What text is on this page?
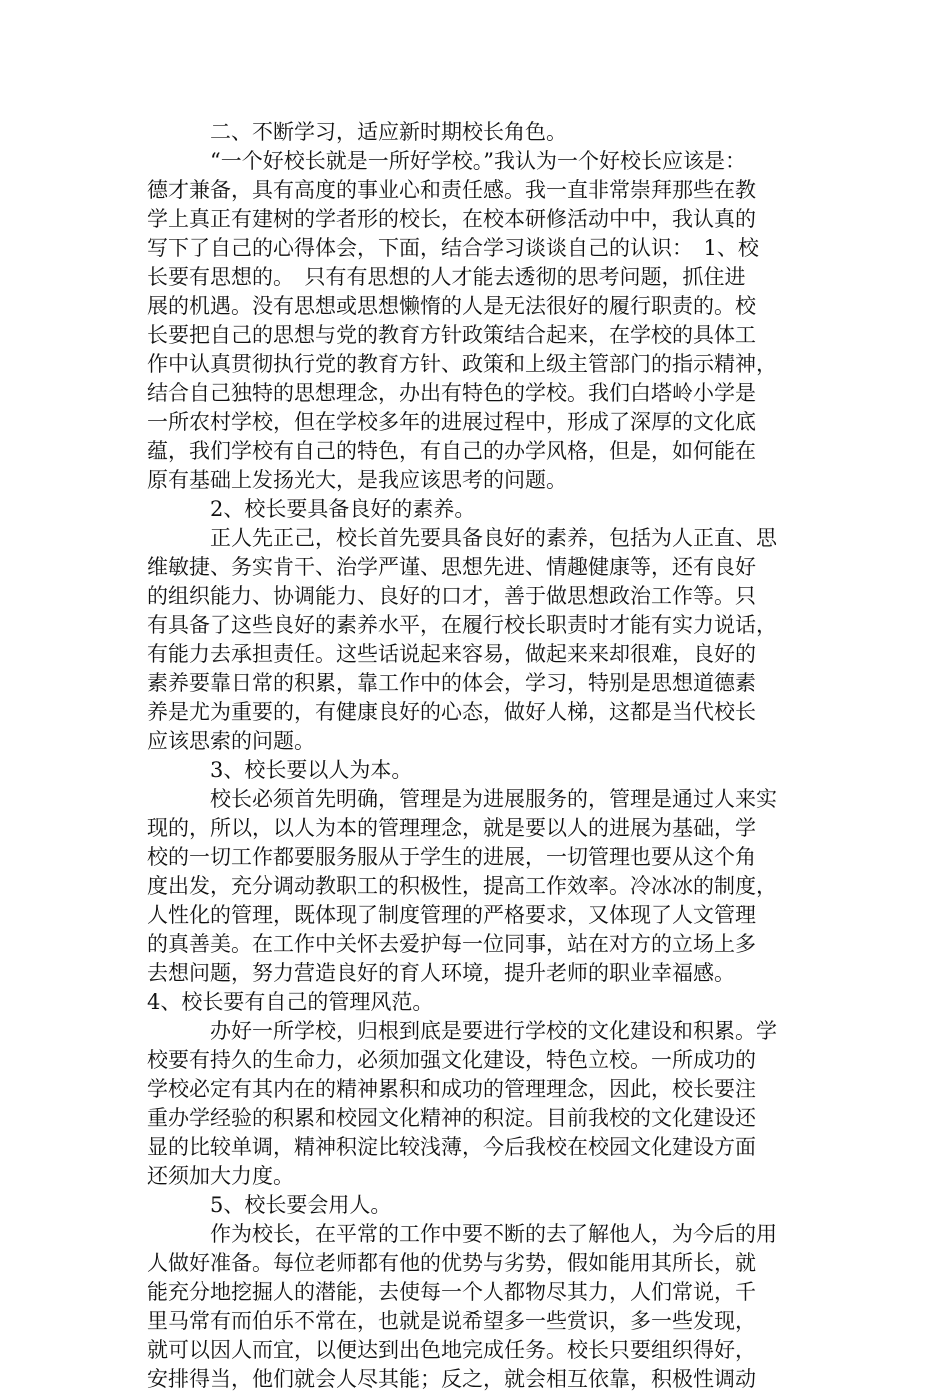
　　　二、不断学习，适应新时期校长角色。
　　　“一个好校长就是一所好学校。”我认为一个好校长应该是：
德才兼备，具有高度的事业心和责任感。我一直非常崇拜那些在教
学上真正有建树的学者形的校长，在校本研修活动中中，我认真的
写下了自己的心得体会，下面，结合学习谈谈自己的认识：　1、校
长要有思想的。　只有有思想的人才能去透彻的思考问题，抓住进
展的机遇。没有思想或思想懒惰的人是无法很好的履行职责的。校
长要把自己的思想与党的教育方针政策结合起来，在学校的具体工
作中认真贯彻执行党的教育方针、政策和上级主管部门的指示精神，
结合自己独特的思想理念，办出有特色的学校。我们白塔岭小学是
一所农村学校，但在学校多年的进展过程中，形成了深厚的文化底
蕴，我们学校有自己的特色，有自己的办学风格，但是，如何能在
原有基础上发扬光大，是我应该思考的问题。
　　　2、校长要具备良好的素养。
　　　正人先正己，校长首先要具备良好的素养，包括为人正直、思
维敏捷、务实肯干、治学严谨、思想先进、情趣健康等，还有良好
的组织能力、协调能力、良好的口才，善于做思想政治工作等。只
有具备了这些良好的素养水平，在履行校长职责时才能有实力说话，
有能力去承担责任。这些话说起来容易，做起来来却很难，良好的
素养要靠日常的积累，靠工作中的体会，学习，特别是思想道德素
养是尤为重要的，有健康良好的心态，做好人梯，这都是当代校长
应该思索的问题。
　　　3、校长要以人为本。
　　　校长必须首先明确，管理是为进展服务的，管理是通过人来实
现的，所以，以人为本的管理理念，就是要以人的进展为基础，学
校的一切工作都要服务服从于学生的进展，一切管理也要从这个角
度出发，充分调动教职工的积极性，提高工作效率。冷冰冰的制度，
人性化的管理，既体现了制度管理的严格要求，又体现了人文管理
的真善美。在工作中关怀去爱护每一位同事，站在对方的立场上多
去想问题，努力营造良好的育人环境，提升老师的职业幸福感。
4、校长要有自己的管理风范。
　　　办好一所学校，归根到底是要进行学校的文化建设和积累。学
校要有持久的生命力，必须加强文化建设，特色立校。一所成功的
学校必定有其内在的精神累积和成功的管理理念，因此，校长要注
重办学经验的积累和校园文化精神的积淀。目前我校的文化建设还
显的比较单调，精神积淀比较浅薄，今后我校在校园文化建设方面
还须加大力度。
　　　5、校长要会用人。
　　　作为校长，在平常的工作中要不断的去了解他人，为今后的用
人做好准备。每位老师都有他的优势与劣势，假如能用其所长，就
能充分地挖掘人的潜能，去使每一个人都物尽其力，人们常说，千
里马常有而伯乐不常在，也就是说希望多一些赏识，多一些发现，
就可以因人而宜，以便达到出色地完成任务。校长只要组织得好，
安排得当，他们就会人尽其能；反之，就会相互依靠，积极性调动
